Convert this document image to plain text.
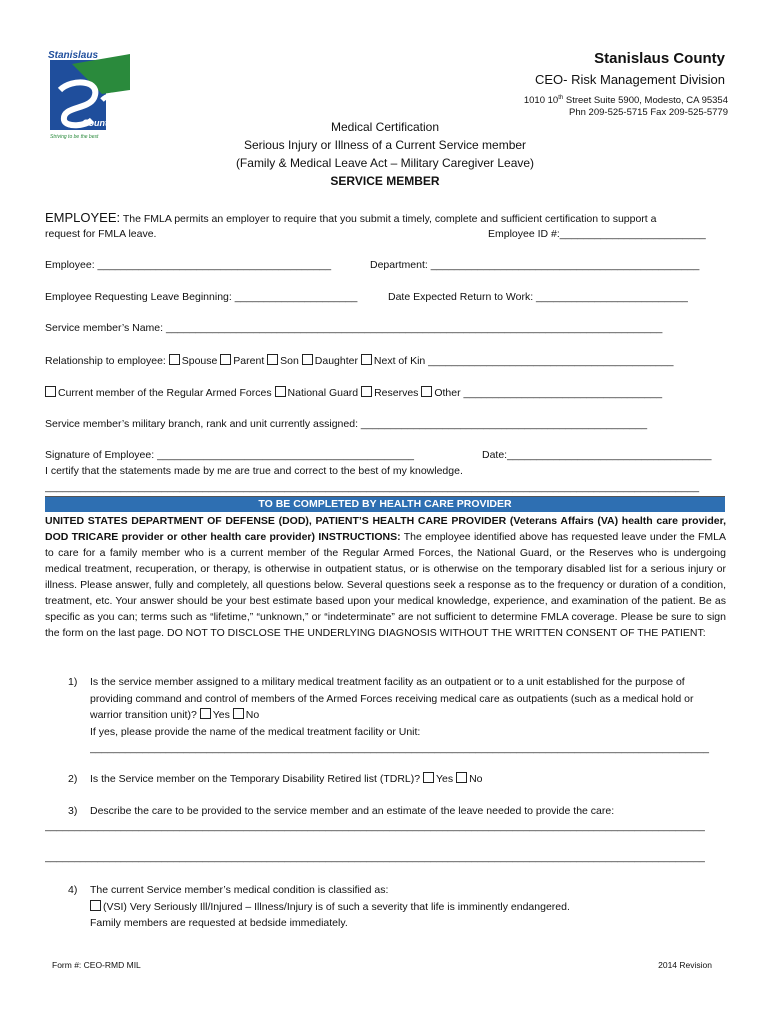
Stanislaus
County
Striving to be the best
Stanislaus County
CEO- Risk Management Division
1010 10th Street Suite 5900, Modesto, CA 95354
Phn 209-525-5715 Fax 209-525-5779
Medical Certification
Serious Injury or Illness of a Current Service member
(Family & Medical Leave Act – Military Caregiver Leave)
SERVICE MEMBER
EMPLOYEE: The FMLA permits an employer to require that you submit a timely, complete and sufficient certification to support a
request for FMLA leave.	Employee ID #:_________________________
Employee: ________________________________________	Department: ______________________________________________
Employee Requesting Leave Beginning: _____________________	Date Expected Return to Work: __________________________
Service member’s Name: _____________________________________________________________________________________
Relationship to employee: Spouse Parent Son Daughter Next of Kin __________________________________________
Current member of the Regular Armed Forces National Guard Reserves Other __________________________________
Service member’s military branch, rank and unit currently assigned: _________________________________________________
Signature of Employee: ____________________________________________	Date:___________________________________
I certify that the statements made by me are true and correct to the best of my knowledge.
________________________________________________________________________________________________________________
TO BE COMPLETED BY HEALTH CARE PROVIDER
UNITED STATES DEPARTMENT OF DEFENSE (DOD), PATIENT’S HEALTH CARE PROVIDER (Veterans Affairs (VA) health care provider, DOD TRICARE provider or other health care provider) INSTRUCTIONS: The employee identified above has requested leave under the FMLA to care for a family member who is a current member of the Regular Armed Forces, the National Guard, or the Reserves who is undergoing medical treatment, recuperation, or therapy, is otherwise in outpatient status, or is otherwise on the temporary disabled list for a serious injury or illness. Please answer, fully and completely, all questions below. Several questions seek a response as to the frequency or duration of a condition, treatment, etc. Your answer should be your best estimate based upon your medical knowledge, experience, and examination of the patient. Be as specific as you can; terms such as “lifetime,” “unknown,” or “indeterminate” are not sufficient to determine FMLA coverage. Please be sure to sign the form on the last page. DO NOT TO DISCLOSE THE UNDERLYING DIAGNOSIS WITHOUT THE WRITTEN CONSENT OF THE PATIENT:
1) Is the service member assigned to a military medical treatment facility as an outpatient or to a unit established for the purpose of providing command and control of members of the Armed Forces receiving medical care as outpatients (such as a medical hold or warrior transition unit)? Yes No
If yes, please provide the name of the medical treatment facility or Unit:
__________________________________________________________________________________________________________
2) Is the Service member on the Temporary Disability Retired list (TDRL)? Yes No
3) Describe the care to be provided to the service member and an estimate of the leave needed to provide the care:
_________________________________________________________________________________________________________________
_________________________________________________________________________________________________________________
4) The current Service member’s medical condition is classified as:
(VSI) Very Seriously Ill/Injured – Illness/Injury is of such a severity that life is imminently endangered.
Family members are requested at bedside immediately.
Form #: CEO-RMD MIL	2014 Revision
